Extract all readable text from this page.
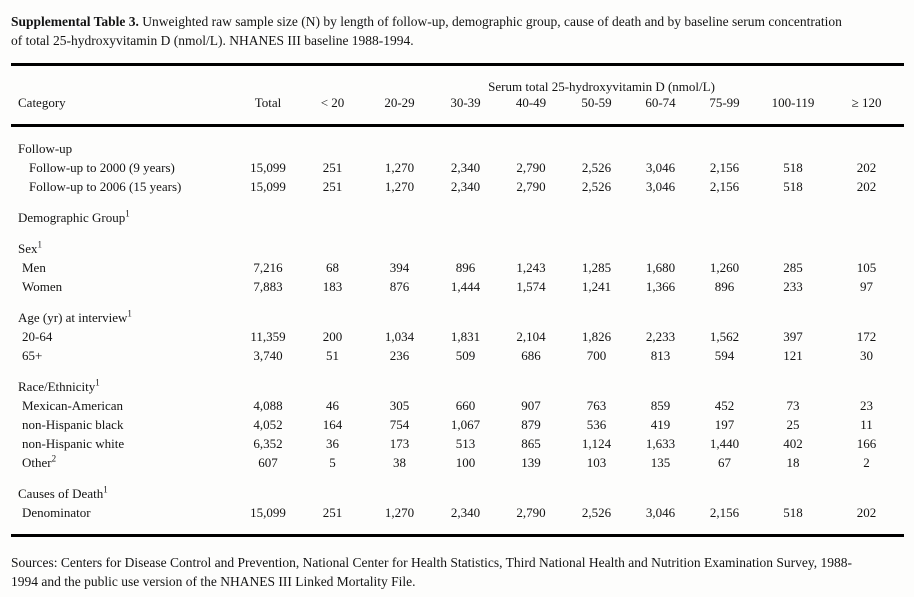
Supplemental Table 3. Unweighted raw sample size (N) by length of follow-up, demographic group, cause of death and by baseline serum concentration of total 25-hydroxyvitamin D (nmol/L). NHANES III baseline 1988-1994.

		Serum total 25-hydroxyvitamin D (nmol/L)								
Category	Total	< 20	20-29	30-39	40-49	50-59	60-74	75-99	100-119	≥ 120
Follow-up										
Follow-up to 2000 (9 years)	15,099	251	1,270	2,340	2,790	2,526	3,046	2,156	518	202
Follow-up to 2006 (15 years)	15,099	251	1,270	2,340	2,790	2,526	3,046	2,156	518	202
Demographic Group$^1$
Sex$^1$
Men	7,216	68	394	896	1,243	1,285	1,680	1,260	285	105
Women	7,883	183	876	1,444	1,574	1,241	1,366	896	233	97
Age (yr) at interview$^1$
20-64	11,359	200	1,034	1,831	2,104	1,826	2,233	1,562	397	172
65+	3,740	51	236	509	686	700	813	594	121	30
Race/Ethnicity$^1$
Mexican-American	4,088	46	305	660	907	763	859	452	73	23
non-Hispanic black	4,052	164	754	1,067	879	536	419	197	25	11
non-Hispanic white	6,352	36	173	513	865	1,124	1,633	1,440	402	166
Other$^2$	607	5	38	100	139	103	135	67	18	2
Causes of Death$^1$
Denominator	15,099	251	1,270	2,340	2,790	2,526	3,046	2,156	518	202

Sources: Centers for Disease Control and Prevention, National Center for Health Statistics, Third National Health and Nutrition Examination Survey, 1988-1994 and the public use version of the NHANES III Linked Mortality File.
